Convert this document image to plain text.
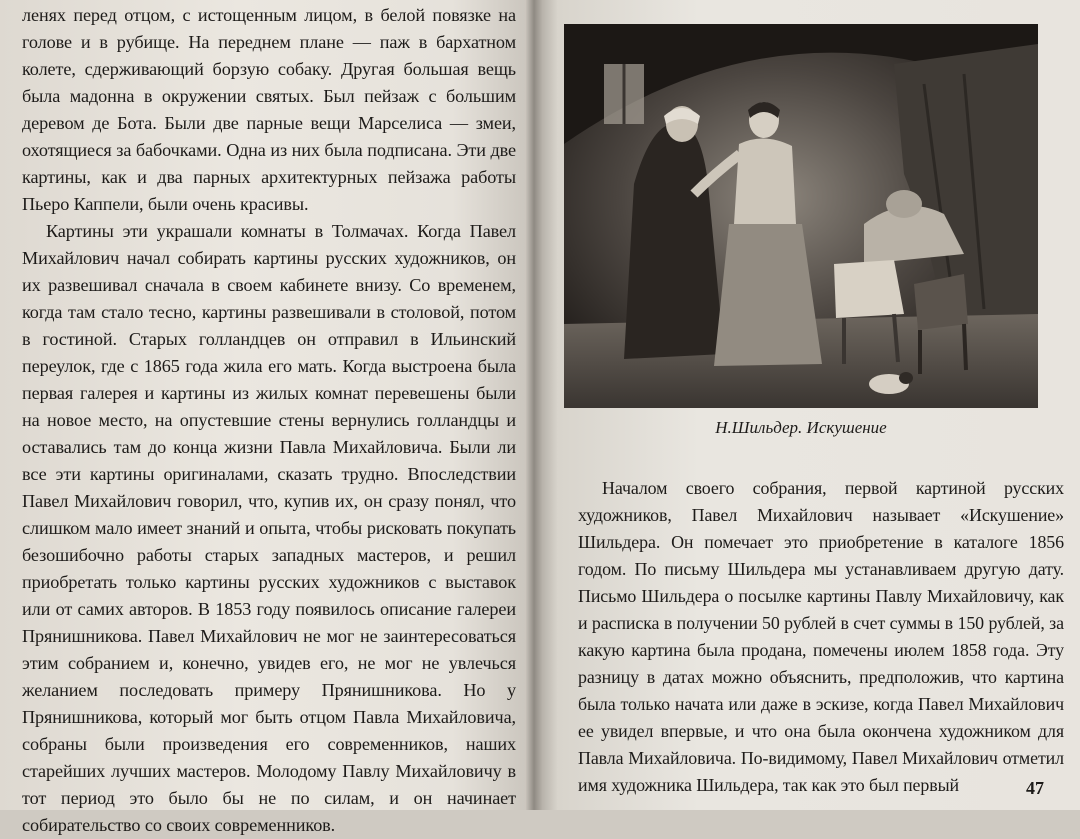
ленях перед отцом, с истощенным лицом, в белой повязке на голове и в рубище. На переднем плане — паж в бархатном колете, сдерживающий борзую собаку. Другая большая вещь была мадонна в окружении святых. Был пейзаж с большим деревом де Бота. Были две парные вещи Марселиса — змеи, охотящиеся за бабочками. Одна из них была подписана. Эти две картины, как и два парных архитектурных пейзажа работы Пьеро Каппели, были очень красивы.

Картины эти украшали комнаты в Толмачах. Когда Павел Михайлович начал собирать картины русских художников, он их развешивал сначала в своем кабинете внизу. Со временем, когда там стало тесно, картины развешивали в столовой, потом в гостиной. Старых голландцев он отправил в Ильинский переулок, где с 1865 года жила его мать. Когда выстроена была первая галерея и картины из жилых комнат перевешены были на новое место, на опустевшие стены вернулись голландцы и оставались там до конца жизни Павла Михайловича. Были ли все эти картины оригиналами, сказать трудно. Впоследствии Павел Михайлович говорил, что, купив их, он сразу понял, что слишком мало имеет знаний и опыта, чтобы рисковать покупать безошибочно работы старых западных мастеров, и решил приобретать только картины русских художников с выставок или от самих авторов. В 1853 году появилось описание галереи Прянишникова. Павел Михайлович не мог не заинтересоваться этим собранием и, конечно, увидев его, не мог не увлечься желанием последовать примеру Прянишникова. Но у Прянишникова, который мог быть отцом Павла Михайловича, собраны были произведения его современников, наших старейших лучших мастеров. Молодому Павлу Михайловичу в тот период это было бы не по силам, и он начинает собирательство со своих современников.

Н.Шильдер. Искушение

Началом своего собрания, первой картиной русских художников, Павел Михайлович называет «Искушение» Шильдера. Он помечает это приобретение в каталоге 1856 годом. По письму Шильдера мы устанавливаем другую дату. Письмо Шильдера о посылке картины Павлу Михайловичу, как и расписка в получении 50 рублей в счет суммы в 150 рублей, за какую картина была продана, помечены июлем 1858 года. Эту разницу в датах можно объяснить, предположив, что картина была только начата или даже в эскизе, когда Павел Михайлович ее увидел впервые, и что она была окончена художником для Павла Михайловича. По-видимому, Павел Михайлович отметил имя художника Шильдера, так как это был первый	47
